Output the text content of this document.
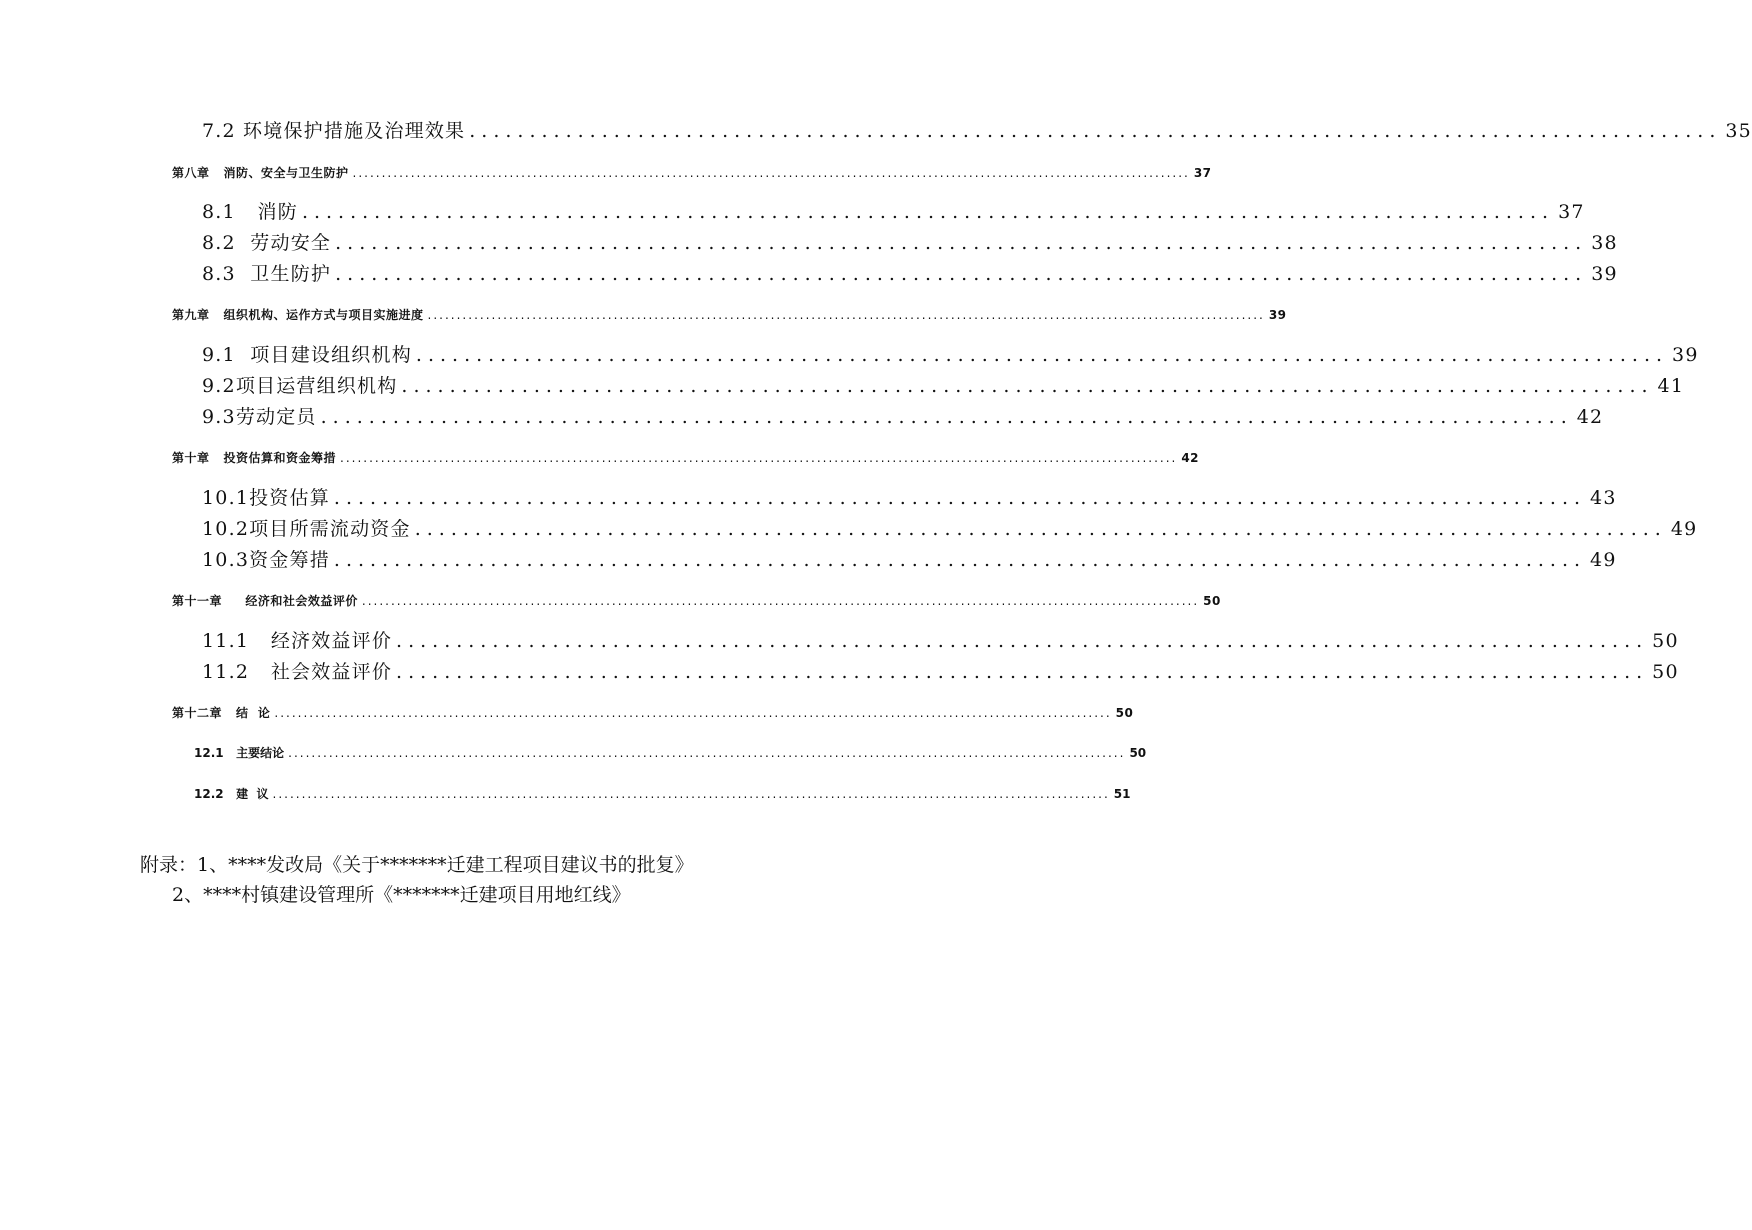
7.2 环境保护措施及治理效果 ........................................................................................................ 35
第八章   消防、安全与卫生防护 ................................................................................................................................................ 37
8.1   消防 ........................................................................................................ 37
8.2  劳动安全 ........................................................................................................ 38
8.3  卫生防护 ........................................................................................................ 39
第九章   组织机构、运作方式与项目实施进度 ................................................................................................................................................ 39
9.1  项目建设组织机构 ........................................................................................................ 39
9.2项目运营组织机构 ........................................................................................................ 41
9.3劳动定员 ........................................................................................................ 42
第十章   投资估算和资金筹措 ................................................................................................................................................ 42
10.1投资估算 ........................................................................................................ 43
10.2项目所需流动资金 ........................................................................................................ 49
10.3资金筹措 ........................................................................................................ 49
第十一章     经济和社会效益评价 ................................................................................................................................................ 50
11.1   经济效益评价 ........................................................................................................ 50
11.2   社会效益评价 ........................................................................................................ 50
第十二章   结  论 ................................................................................................................................................ 50
12.1   主要结论 ................................................................................................................................................ 50
12.2   建  议 ................................................................................................................................................ 51
附录：1、****发改局《关于*******迁建工程项目建议书的批复》
2、****村镇建设管理所《*******迁建项目用地红线》
